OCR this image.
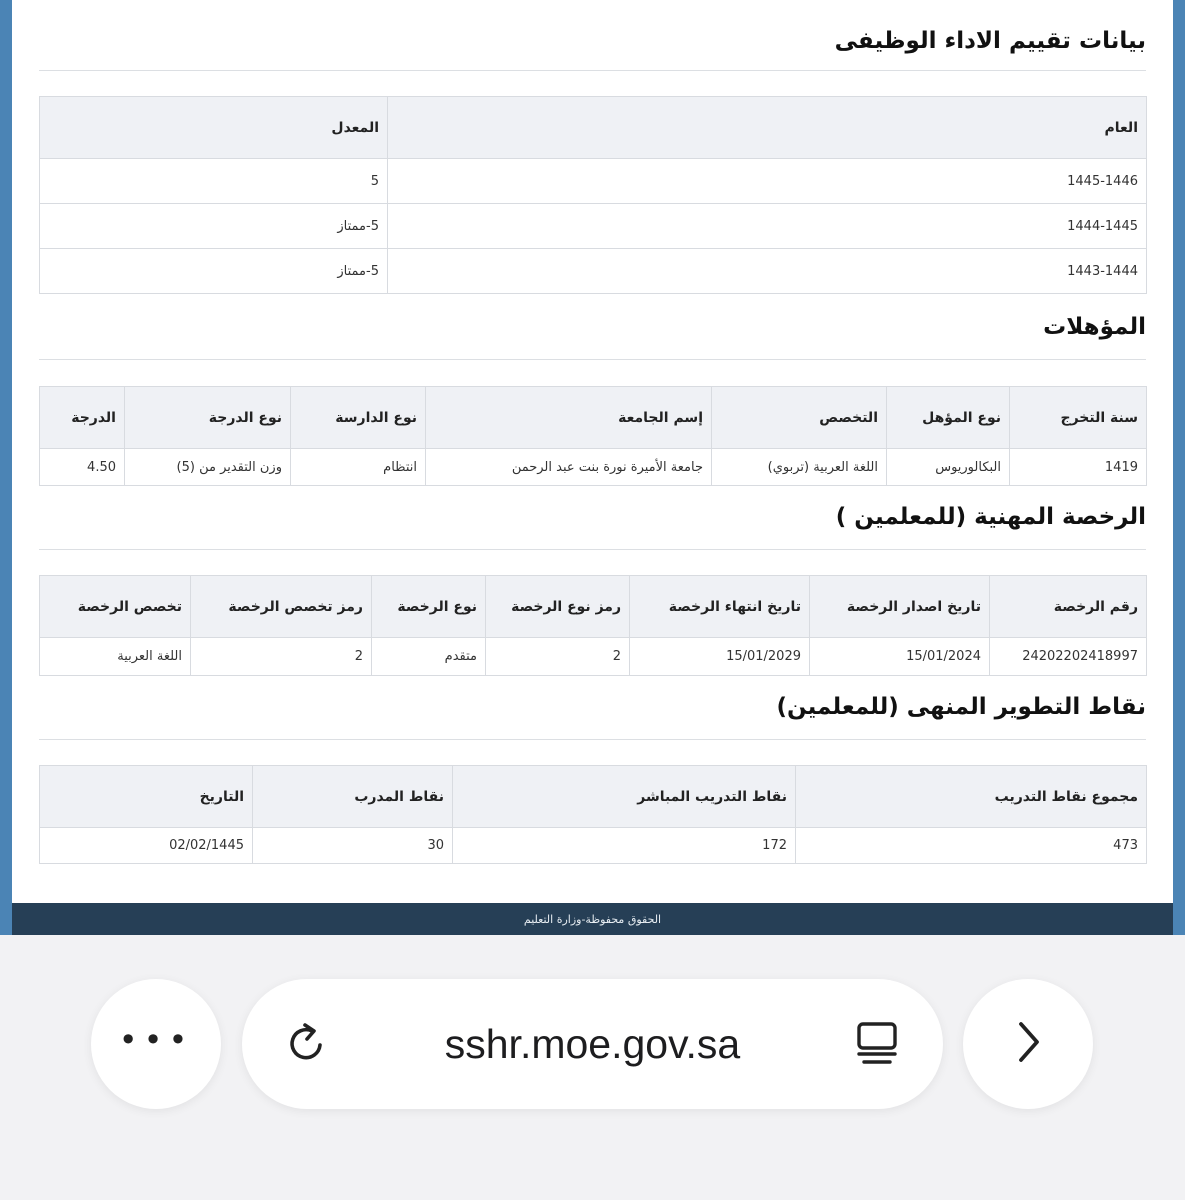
بيانات تقييم الاداء الوظيفى
العام	المعدل
1445-1446	5
1444-1445	5-ممتاز
1443-1444	5-ممتاز
المؤهلات
سنة التخرج	نوع المؤهل	التخصص	إسم الجامعة	نوع الدارسة	نوع الدرجة	الدرجة
1419	البكالوريوس	اللغة العربية (تربوي)	جامعة الأميرة نورة بنت عبد الرحمن	انتظام	وزن التقدير من (5)	4.50
الرخصة المهنية (للمعلمين )
رقم الرخصة	تاريخ اصدار الرخصة	تاريخ انتهاء الرخصة	رمز نوع الرخصة	نوع الرخصة	رمز تخصص الرخصة	تخصص الرخصة
24202202418997	15/01/2024	15/01/2029	2	متقدم	2	اللغة العربية
نقاط التطوير المنهى (للمعلمين)
مجموع نقاط التدريب	نقاط التدريب المباشر	نقاط المدرب	التاريخ
473	172	30	02/02/1445
الحقوق محفوظة-وزارة التعليم
•••	sshr.moe.gov.sa
